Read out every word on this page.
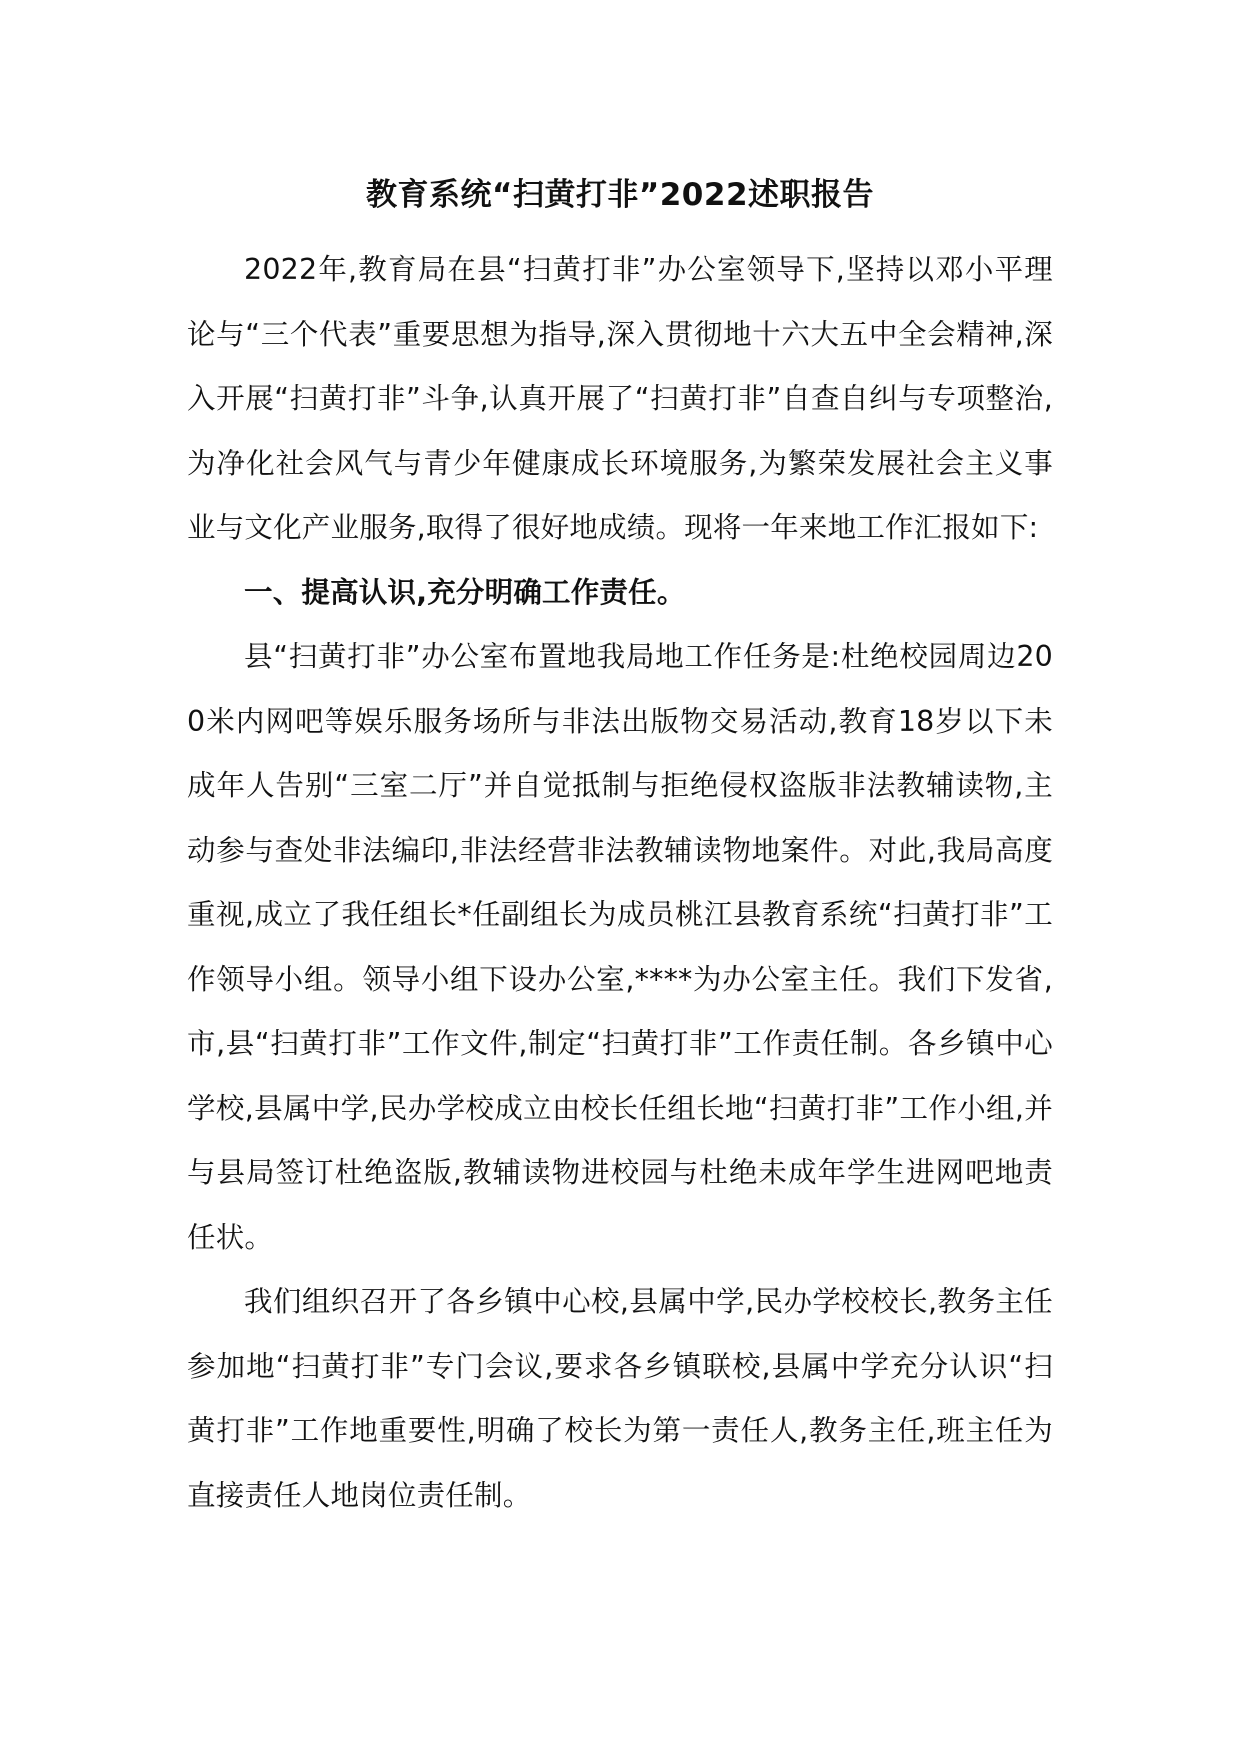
教育系统“扫黄打非”2022述职报告

2022年,教育局在县“扫黄打非”办公室领导下,坚持以邓小平理论与“三个代表”重要思想为指导,深入贯彻地十六大五中全会精神,深入开展“扫黄打非”斗争,认真开展了“扫黄打非”自查自纠与专项整治,为净化社会风气与青少年健康成长环境服务,为繁荣发展社会主义事业与文化产业服务,取得了很好地成绩。现将一年来地工作汇报如下:

一、提高认识,充分明确工作责任。

县“扫黄打非”办公室布置地我局地工作任务是:杜绝校园周边200米内网吧等娱乐服务场所与非法出版物交易活动,教育18岁以下未成年人告别“三室二厅”并自觉抵制与拒绝侵权盗版非法教辅读物,主动参与查处非法编印,非法经营非法教辅读物地案件。对此,我局高度重视,成立了我任组长*任副组长为成员桃江县教育系统“扫黄打非”工作领导小组。领导小组下设办公室,****为办公室主任。我们下发省,市,县“扫黄打非”工作文件,制定“扫黄打非”工作责任制。各乡镇中心学校,县属中学,民办学校成立由校长任组长地“扫黄打非”工作小组,并与县局签订杜绝盗版,教辅读物进校园与杜绝未成年学生进网吧地责任状。

我们组织召开了各乡镇中心校,县属中学,民办学校校长,教务主任参加地“扫黄打非”专门会议,要求各乡镇联校,县属中学充分认识“扫黄打非”工作地重要性,明确了校长为第一责任人,教务主任,班主任为直接责任人地岗位责任制。
